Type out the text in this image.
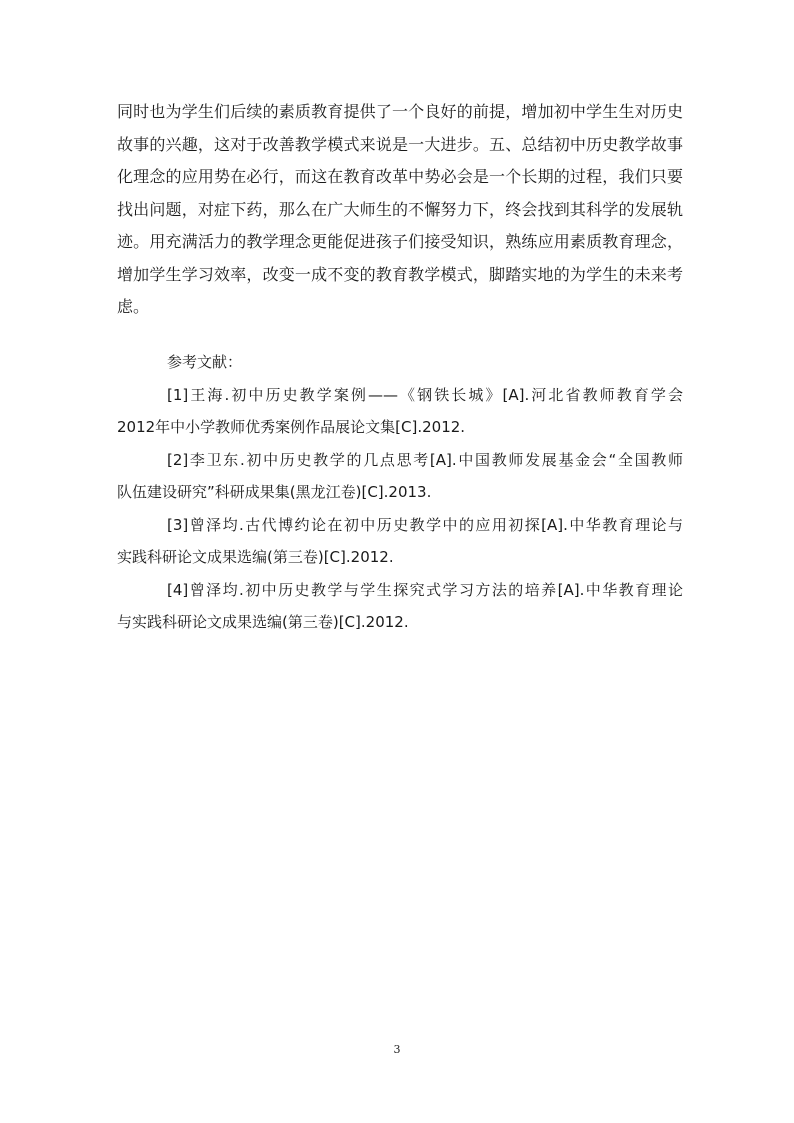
同时也为学生们后续的素质教育提供了一个良好的前提，增加初中学生生对历史
故事的兴趣，这对于改善教学模式来说是一大进步。五、总结初中历史教学故事
化理念的应用势在必行，而这在教育改革中势必会是一个长期的过程，我们只要
找出问题，对症下药，那么在广大师生的不懈努力下，终会找到其科学的发展轨
迹。用充满活力的教学理念更能促进孩子们接受知识，熟练应用素质教育理念，
增加学生学习效率，改变一成不变的教育教学模式，脚踏实地的为学生的未来考
虑。
参考文献：
[1]王海.初中历史教学案例——《钢铁长城》[A].河北省教师教育学会
2012年中小学教师优秀案例作品展论文集[C].2012.
[2]李卫东.初中历史教学的几点思考[A].中国教师发展基金会“全国教师
队伍建设研究”科研成果集(黑龙江卷)[C].2013.
[3]曾泽均.古代博约论在初中历史教学中的应用初探[A].中华教育理论与
实践科研论文成果选编(第三卷)[C].2012.
[4]曾泽均.初中历史教学与学生探究式学习方法的培养[A].中华教育理论
与实践科研论文成果选编(第三卷)[C].2012.
3
